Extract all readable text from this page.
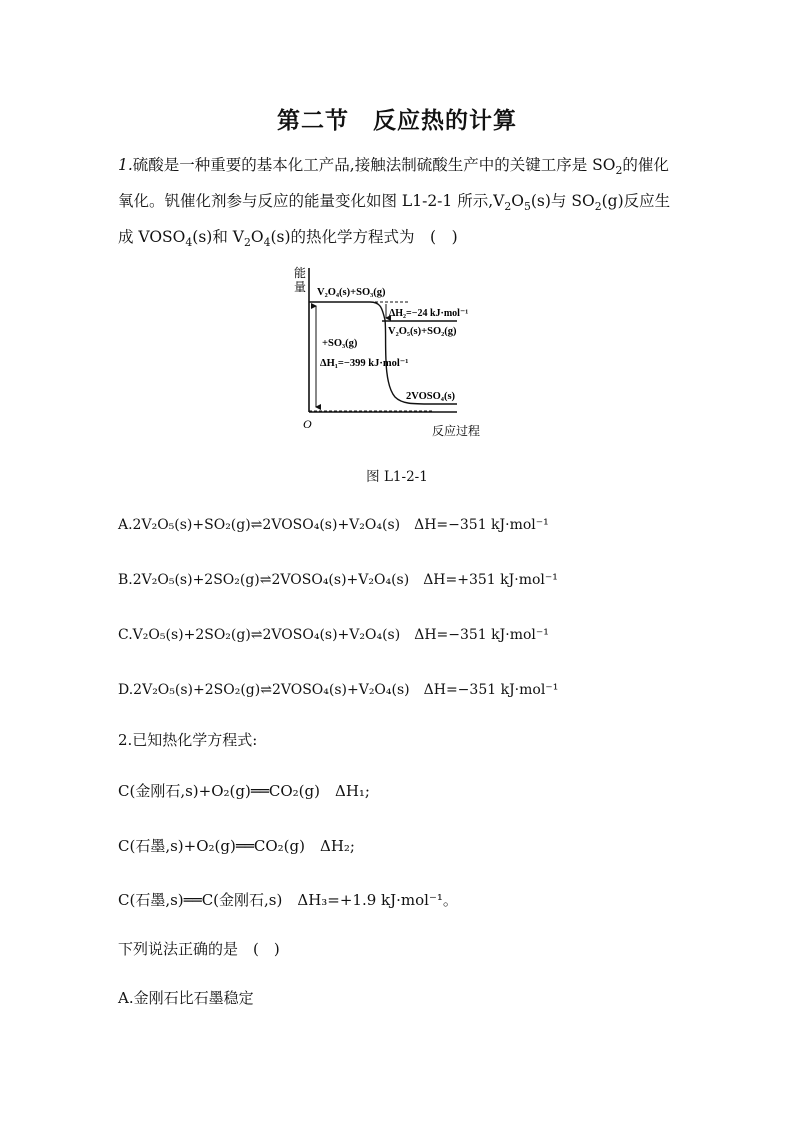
第二节　反应热的计算
1.硫酸是一种重要的基本化工产品,接触法制硫酸生产中的关键工序是 $SO_2$的催化氧化。钒催化剂参与反应的能量变化如图 L1-2-1 所示$,V_2O_5(s)$与 $SO_2(g)$反应生成 $VOSO_4(s)$和 $V_2O_4(s)$的热化学方程式为　(　)
能
量
O	反应过程
V₂O₄(s)+SO₃(g)
ΔH₂=−24 kJ·mol⁻¹
V₂O₅(s)+SO₂(g)
+SO₃(g)
ΔH₁=−399 kJ·mol⁻¹
2VOSO₄(s)
图 L1-2-1
A.2V₂O₅(s)+SO₂(g)⇌2VOSO₄(s)+V₂O₄(s)　ΔH=−351 kJ·mol⁻¹
B.2V₂O₅(s)+2SO₂(g)⇌2VOSO₄(s)+V₂O₄(s)　ΔH=+351 kJ·mol⁻¹
C.V₂O₅(s)+2SO₂(g)⇌2VOSO₄(s)+V₂O₄(s)　ΔH=−351 kJ·mol⁻¹
D.2V₂O₅(s)+2SO₂(g)⇌2VOSO₄(s)+V₂O₄(s)　ΔH=−351 kJ·mol⁻¹
2.已知热化学方程式:
C(金刚石,s)+O₂(g)══CO₂(g)　ΔH₁;
C(石墨,s)+O₂(g)══CO₂(g)　ΔH₂;
C(石墨,s)══C(金刚石,s)　ΔH₃=+1.9 kJ·mol⁻¹。
下列说法正确的是　(　)
A.金刚石比石墨稳定
